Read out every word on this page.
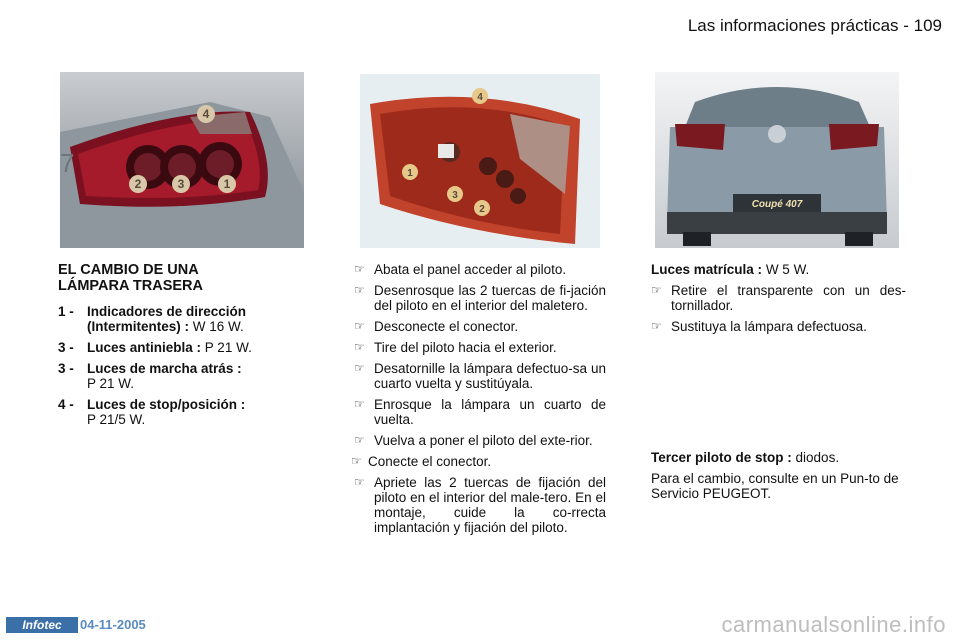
Las informaciones prácticas - 109
7
2	3	1
4
4
1
3
2	Coupé 407
EL CAMBIO DE UNA
LÁMPARA TRASERA
1 - Indicadores de dirección (Intermitentes) : W 16 W.
3 - Luces antiniebla : P 21 W.
3 - Luces de marcha atrás :
P 21 W.
4 - Luces de stop/posición :
P 21/5 W.
☞ Abata el panel acceder al piloto.
☞ Desenrosque las 2 tuercas de fi-jación del piloto en el interior del maletero.
☞ Desconecte el conector.
☞ Tire del piloto hacia el exterior.
☞ Desatornille la lámpara defectuo-sa un cuarto vuelta y sustitúyala.
☞ Enrosque la lámpara un cuarto de vuelta.
☞ Vuelva a poner el piloto del exte-rior.
☞ Conecte el conector.
☞ Apriete las 2 tuercas de fijación del piloto en el interior del male-tero. En el montaje, cuide la co-rrecta implantación y fijación del piloto.
Luces matrícula : W 5 W.
☞ Retire el transparente con un des-tornillador.
☞ Sustituya la lámpara defectuosa.
Tercer piloto de stop : diodos.
Para el cambio, consulte en un Pun-to de Servicio PEUGEOT.
Infotec	04-11-2005	carmanualsonline.info
